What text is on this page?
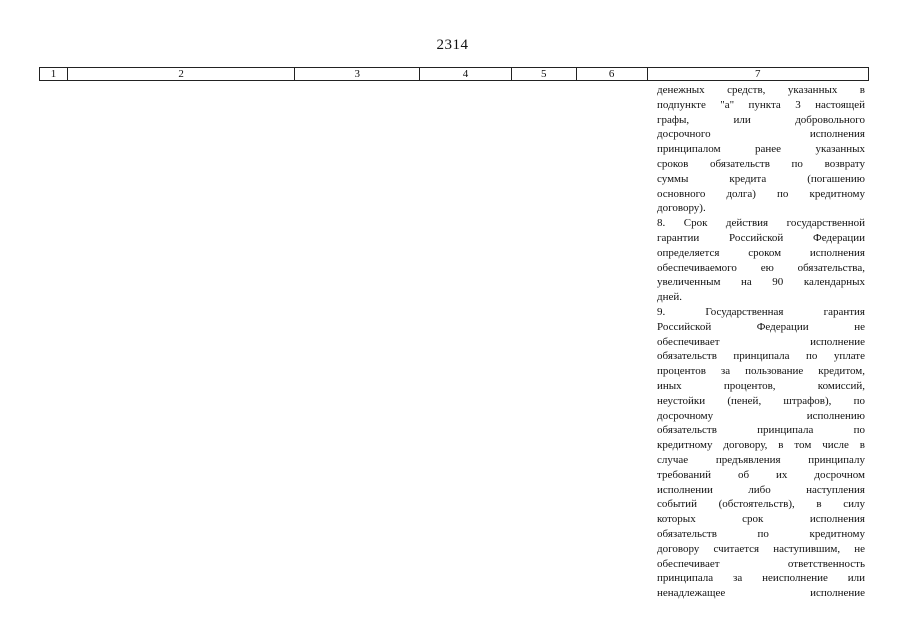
2314
1	2	3	4	5	6	7
денежных средств, указанных в
подпункте "а" пункта 3 настоящей
графы, или добровольного
досрочного исполнения
принципалом ранее указанных
сроков обязательств по возврату
суммы кредита (погашению
основного долга) по кредитному
договору).
8. Срок действия государственной
гарантии Российской Федерации
определяется сроком исполнения
обеспечиваемого ею обязательства,
увеличенным на 90 календарных
дней.
9. Государственная гарантия
Российской Федерации не
обеспечивает исполнение
обязательств принципала по уплате
процентов за пользование кредитом,
иных процентов, комиссий,
неустойки (пеней, штрафов), по
досрочному исполнению
обязательств принципала по
кредитному договору, в том числе в
случае предъявления принципалу
требований об их досрочном
исполнении либо наступления
событий (обстоятельств), в силу
которых срок исполнения
обязательств по кредитному
договору считается наступившим, не
обеспечивает ответственность
принципала за неисполнение или
ненадлежащее исполнение
